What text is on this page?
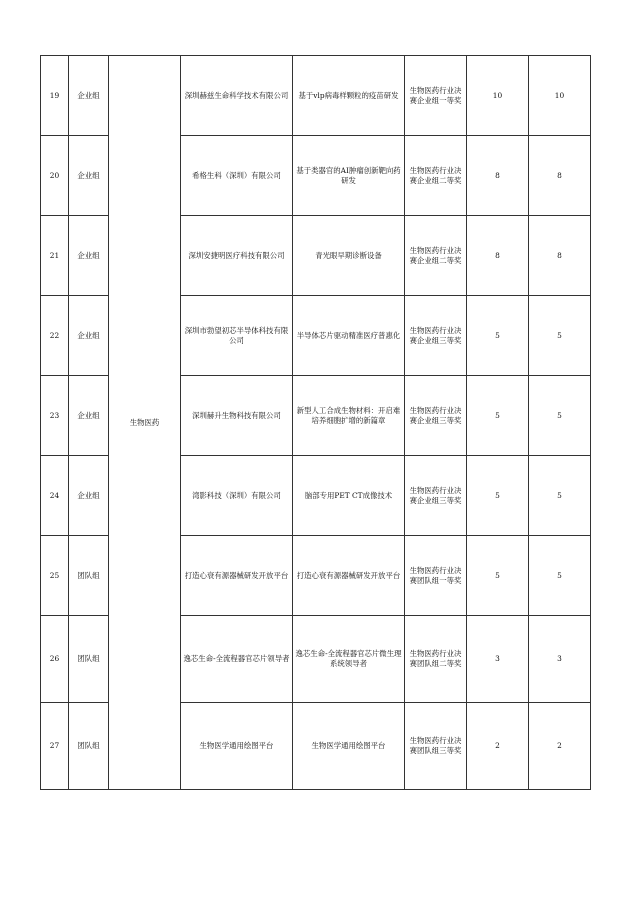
19	企业组	生物医药	深圳赫兹生命科学技术有限公司	基于vlp病毒样颗粒的疫苗研发	生物医药行业决赛企业组一等奖	10	10
20	企业组		希格生科（深圳）有限公司	基于类器官的AI肿瘤创新靶向药研发	生物医药行业决赛企业组二等奖	8	8
21	企业组		深圳安捷明医疗科技有限公司	青光眼早期诊断设备	生物医药行业决赛企业组二等奖	8	8
22	企业组		深圳市勃望初芯半导体科技有限公司	半导体芯片驱动精准医疗普惠化	生物医药行业决赛企业组三等奖	5	5
23	企业组		深圳赫升生物科技有限公司	新型人工合成生物材料：开启难培养细胞扩增的新篇章	生物医药行业决赛企业组三等奖	5	5
24	企业组		湾影科技（深圳）有限公司	脑部专用PET CT成像技术	生物医药行业决赛企业组三等奖	5	5
25	团队组		打造心衰有源器械研发开放平台	打造心衰有源器械研发开放平台	生物医药行业决赛团队组一等奖	5	5
26	团队组		逸芯生命-全流程器官芯片领导者	逸芯生命-全流程器官芯片微生理系统领导者	生物医药行业决赛团队组二等奖	3	3
27	团队组		生物医学通用绘图平台	生物医学通用绘图平台	生物医药行业决赛团队组三等奖	2	2
